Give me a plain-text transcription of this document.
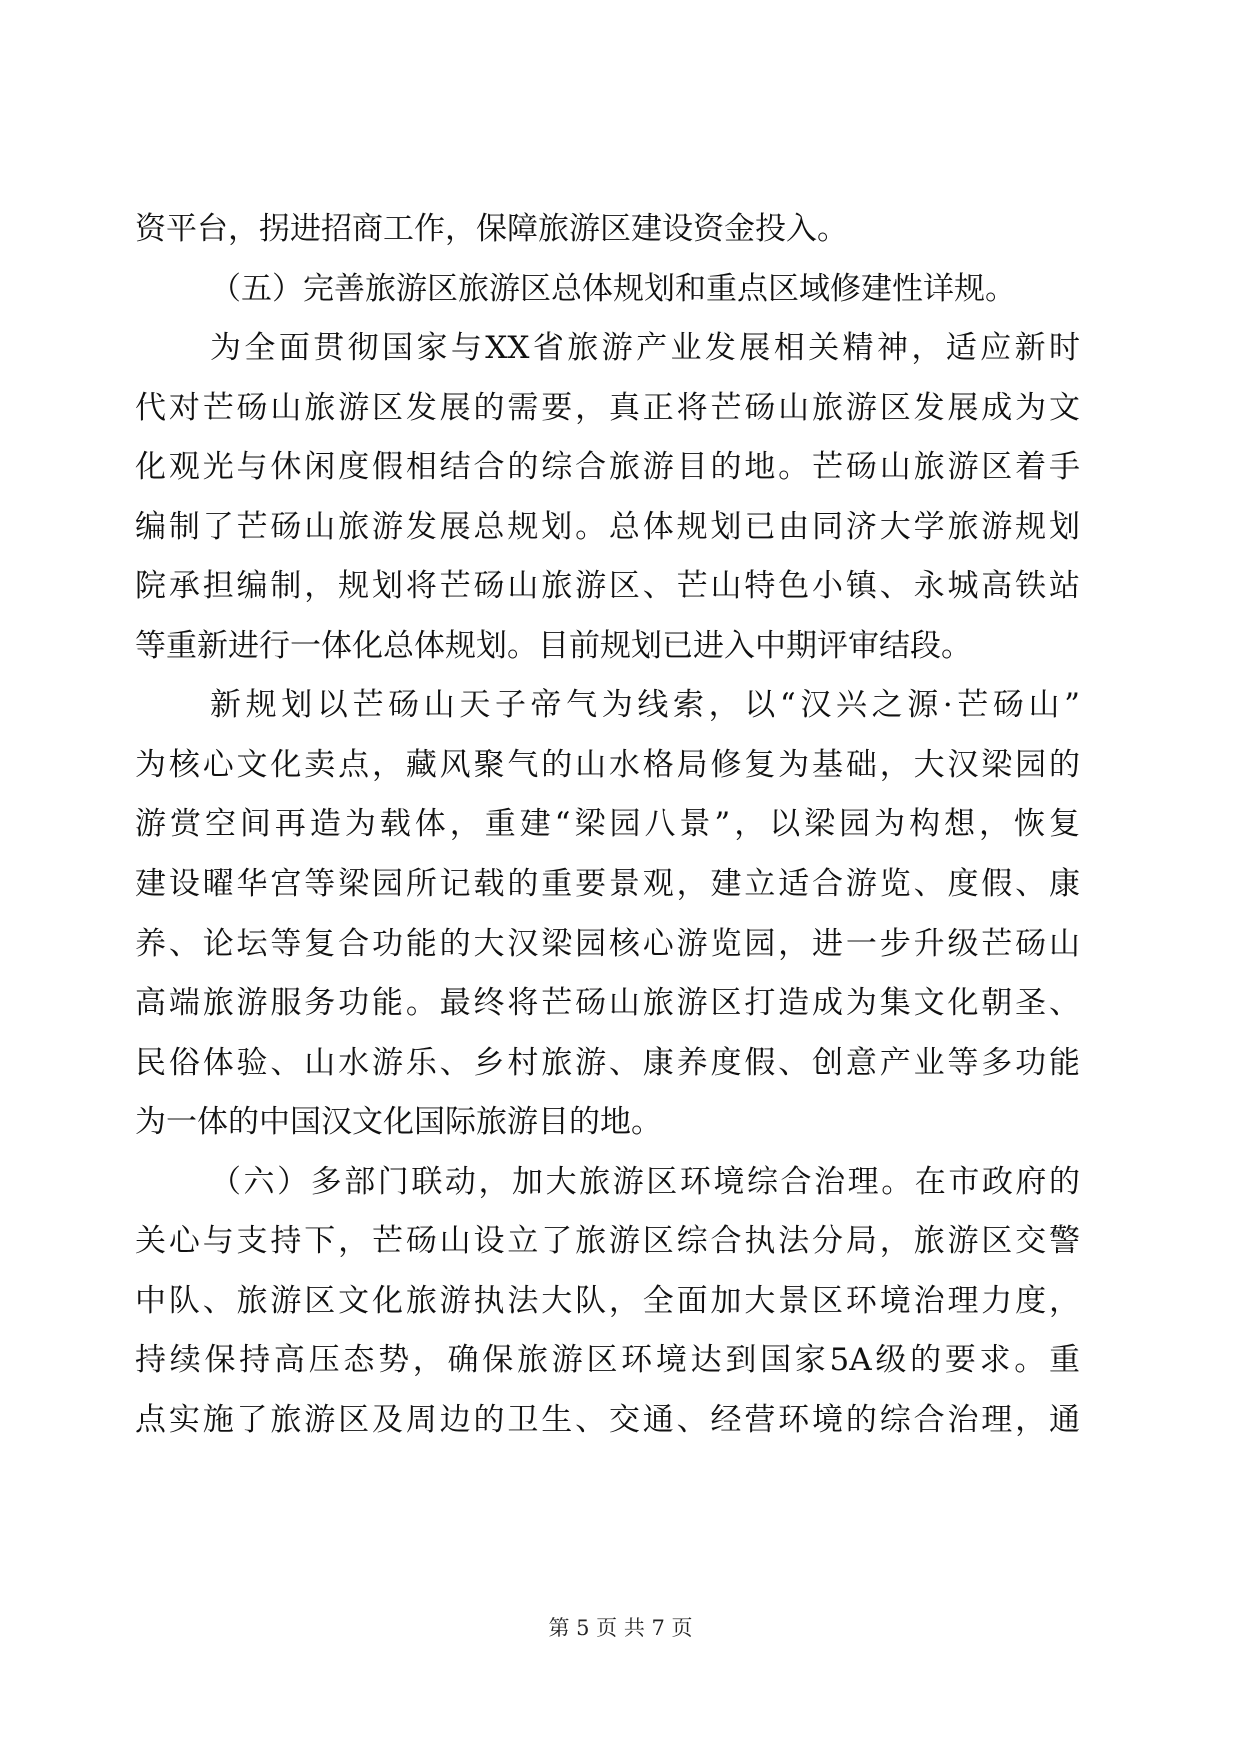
资平台，拐进招商工作，保障旅游区建设资金投入。
（五）完善旅游区旅游区总体规划和重点区域修建性详规。
为全面贯彻国家与XX省旅游产业发展相关精神，适应新时
代对芒砀山旅游区发展的需要，真正将芒砀山旅游区发展成为文
化观光与休闲度假相结合的综合旅游目的地。芒砀山旅游区着手
编制了芒砀山旅游发展总规划。总体规划已由同济大学旅游规划
院承担编制，规划将芒砀山旅游区、芒山特色小镇、永城高铁站
等重新进行一体化总体规划。目前规划已进入中期评审结段。
新规划以芒砀山天子帝气为线索，以“汉兴之源·芒砀山”
为核心文化卖点，藏风聚气的山水格局修复为基础，大汉梁园的
游赏空间再造为载体，重建“梁园八景”，以梁园为构想，恢复
建设曜华宫等梁园所记载的重要景观，建立适合游览、度假、康
养、论坛等复合功能的大汉梁园核心游览园，进一步升级芒砀山
高端旅游服务功能。最终将芒砀山旅游区打造成为集文化朝圣、
民俗体验、山水游乐、乡村旅游、康养度假、创意产业等多功能
为一体的中国汉文化国际旅游目的地。
（六）多部门联动，加大旅游区环境综合治理。在市政府的
关心与支持下，芒砀山设立了旅游区综合执法分局，旅游区交警
中队、旅游区文化旅游执法大队，全面加大景区环境治理力度，
持续保持高压态势，确保旅游区环境达到国家5A级的要求。重
点实施了旅游区及周边的卫生、交通、经营环境的综合治理，通
第 5 页 共 7 页
